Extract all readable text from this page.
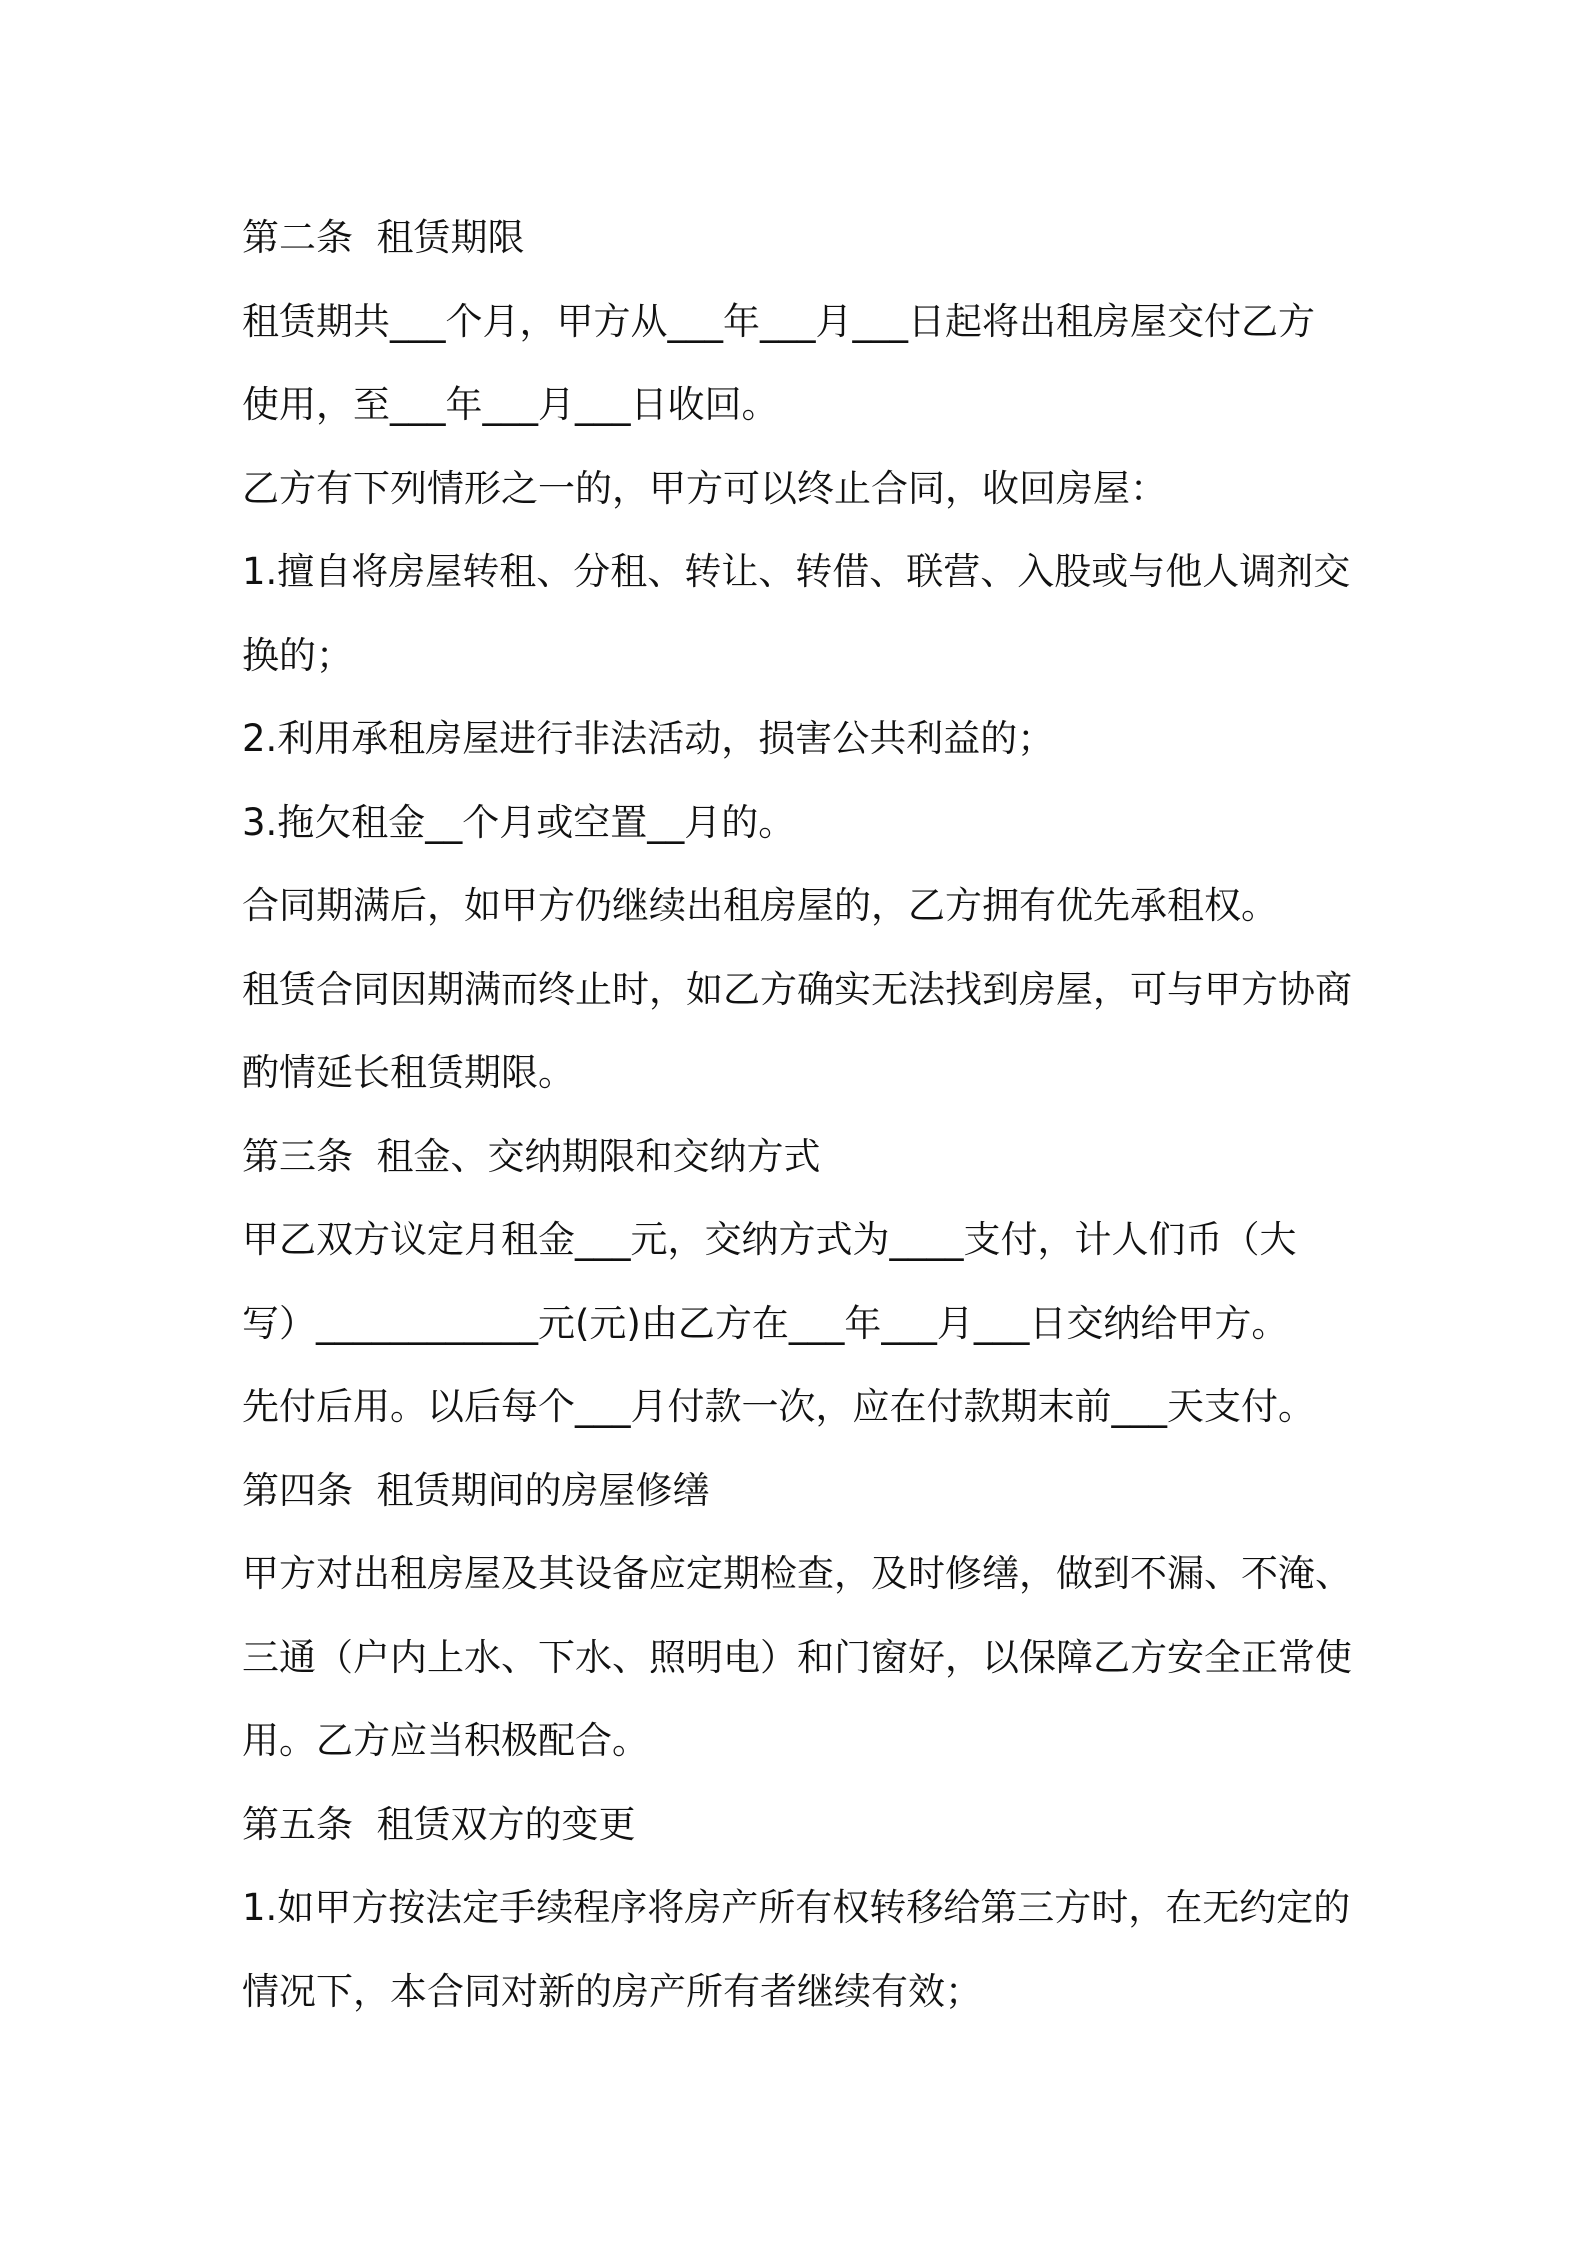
第二条  租赁期限
租赁期共___个月，甲方从___年___月___日起将出租房屋交付乙方
使用，至___年___月___日收回。
乙方有下列情形之一的，甲方可以终止合同，收回房屋：
1.擅自将房屋转租、分租、转让、转借、联营、入股或与他人调剂交
换的；
2.利用承租房屋进行非法活动，损害公共利益的；
3.拖欠租金__个月或空置__月的。
合同期满后，如甲方仍继续出租房屋的，乙方拥有优先承租权。
租赁合同因期满而终止时，如乙方确实无法找到房屋，可与甲方协商
酌情延长租赁期限。
第三条  租金、交纳期限和交纳方式
甲乙双方议定月租金___元，交纳方式为____支付，计人们币（大
写）____________元(元)由乙方在___年___月___日交纳给甲方。
先付后用。以后每个___月付款一次，应在付款期末前___天支付。
第四条  租赁期间的房屋修缮
甲方对出租房屋及其设备应定期检查，及时修缮，做到不漏、不淹、
三通（户内上水、下水、照明电）和门窗好，以保障乙方安全正常使
用。乙方应当积极配合。
第五条  租赁双方的变更
1.如甲方按法定手续程序将房产所有权转移给第三方时，在无约定的
情况下，本合同对新的房产所有者继续有效；
